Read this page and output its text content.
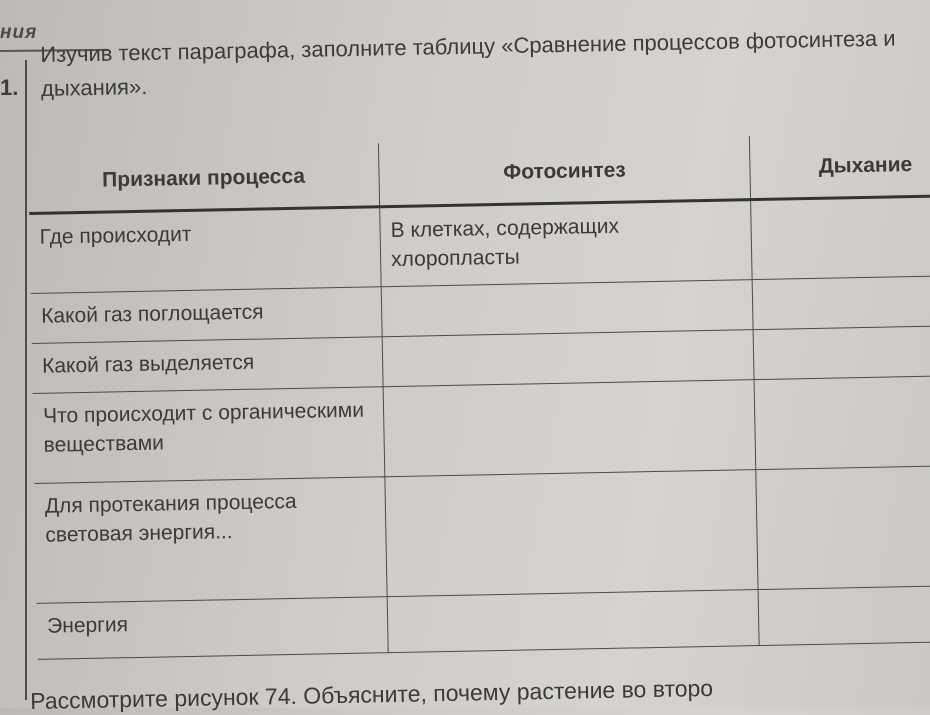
ния
1.
Изучив текст параграфа, заполните таблицу «Сравнение процессов фотосинтеза и дыхания».
Признаки процесса	Фотосинтез	Дыхание
Где происходит	В клетках, содержащих хлоропласты	
Какой газ поглощается		
Какой газ выделяется		
Что происходит с органическими веществами		
Для протекания процесса световая энергия...		
Энергия		
Рассмотрите рисунок 74. Объясните, почему растение во второ
